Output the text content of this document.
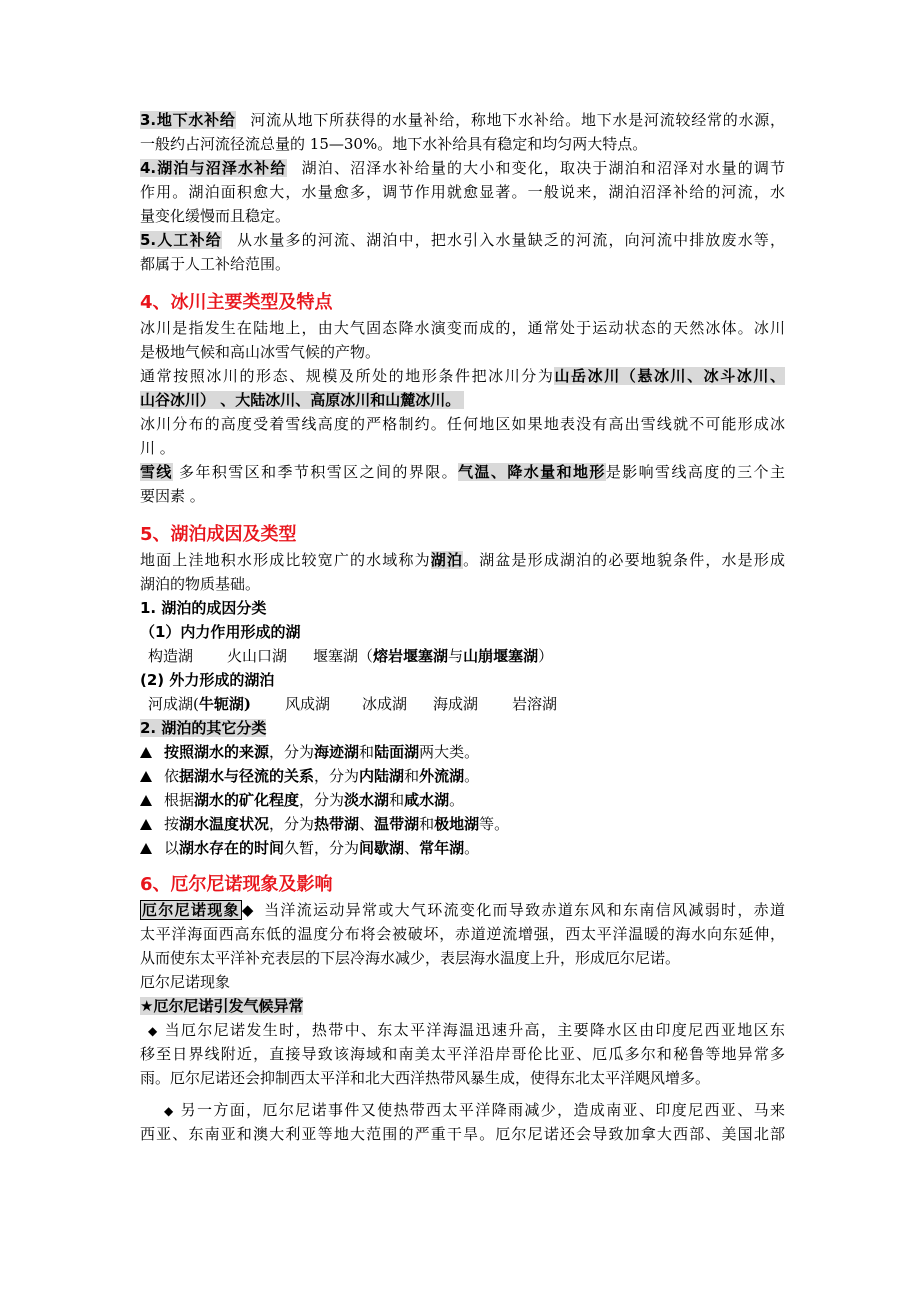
3.地下水补给 河流从地下所获得的水量补给，称地下水补给。地下水是河流较经常的水源，
一般约占河流径流总量的 15—30%。地下水补给具有稳定和均匀两大特点。
4.湖泊与沼泽水补给 湖泊、沼泽水补给量的大小和变化，取决于湖泊和沼泽对水量的调节
作用。湖泊面积愈大，水量愈多，调节作用就愈显著。一般说来，湖泊沼泽补给的河流，水
量变化缓慢而且稳定。
5.人工补给 从水量多的河流、湖泊中，把水引入水量缺乏的河流，向河流中排放废水等，
都属于人工补给范围。
4、冰川主要类型及特点
冰川是指发生在陆地上，由大气固态降水演变而成的，通常处于运动状态的天然冰体。冰川
是极地气候和高山冰雪气候的产物。
通常按照冰川的形态、规模及所处的地形条件把冰川分为山岳冰川（悬冰川、冰斗冰川、
山谷冰川） 、大陆冰川、高原冰川和山麓冰川。
冰川分布的高度受着雪线高度的严格制约。任何地区如果地表没有高出雪线就不可能形成冰
川 。
雪线 多年积雪区和季节积雪区之间的界限。气温、降水量和地形是影响雪线高度的三个主
要因素 。
5、湖泊成因及类型
地面上洼地积水形成比较宽广的水域称为湖泊。湖盆是形成湖泊的必要地貌条件，水是形成
湖泊的物质基础。
1. 湖泊的成因分类
（1）内力作用形成的湖
构造湖 火山口湖 堰塞湖（熔岩堰塞湖与山崩堰塞湖）
(2) 外力形成的湖泊
河成湖(牛轭湖) 风成湖 冰成湖 海成湖 岩溶湖
2. 湖泊的其它分类
按照湖水的来源，分为海迹湖和陆面湖两大类。
依据湖水与径流的关系，分为内陆湖和外流湖。
根据湖水的矿化程度，分为淡水湖和咸水湖。
按湖水温度状况，分为热带湖、温带湖和极地湖等。
以湖水存在的时间久暂，分为间歇湖、常年湖。
6、厄尔尼诺现象及影响
厄尔尼诺现象 ◆ 当洋流运动异常或大气环流变化而导致赤道东风和东南信风减弱时，赤道
太平洋海面西高东低的温度分布将会被破坏，赤道逆流增强，西太平洋温暖的海水向东延伸，
从而使东太平洋补充表层的下层冷海水减少，表层海水温度上升，形成厄尔尼诺。
厄尔尼诺现象
★厄尔尼诺引发气候异常
◆ 当厄尔尼诺发生时，热带中、东太平洋海温迅速升高，主要降水区由印度尼西亚地区东
移至日界线附近，直接导致该海域和南美太平洋沿岸哥伦比亚、厄瓜多尔和秘鲁等地异常多
雨。厄尔尼诺还会抑制西太平洋和北大西洋热带风暴生成，使得东北太平洋飓风增多。
◆ 另一方面，厄尔尼诺事件又使热带西太平洋降雨减少，造成南亚、印度尼西亚、马来
西亚、东南亚和澳大利亚等地大范围的严重干旱。厄尔尼诺还会导致加拿大西部、美国北部
